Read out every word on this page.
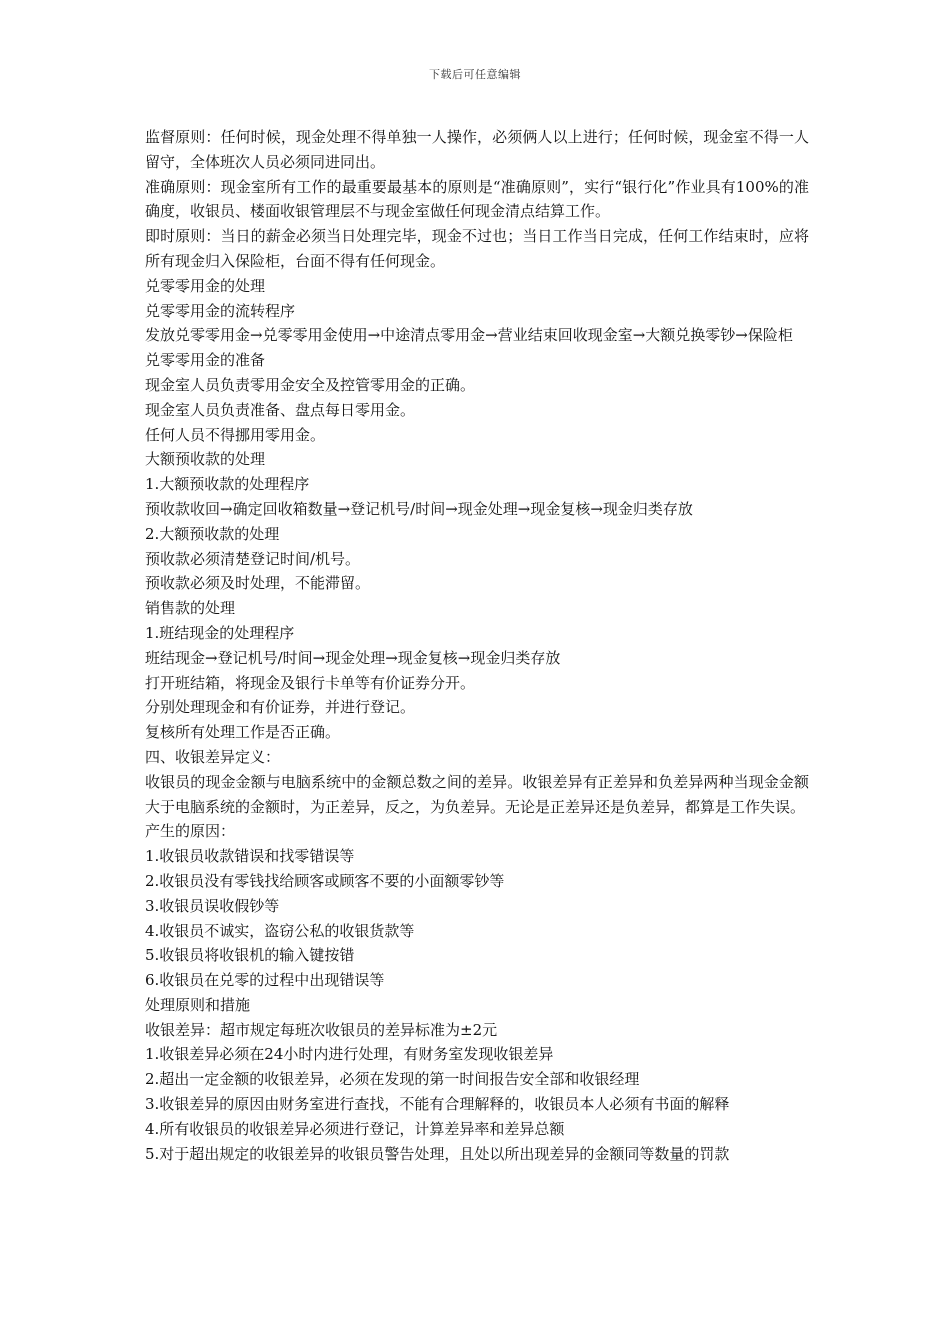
下载后可任意编辑

监督原则：任何时候，现金处理不得单独一人操作，必须俩人以上进行；任何时候，现金室不得一人留守，全体班次人员必须同进同出。

准确原则：现金室所有工作的最重要最基本的原则是“准确原则”，实行“银行化”作业具有100%的准确度，收银员、楼面收银管理层不与现金室做任何现金清点结算工作。

即时原则：当日的薪金必须当日处理完毕，现金不过也；当日工作当日完成，任何工作结束时，应将所有现金归入保险柜，台面不得有任何现金。

兑零零用金的处理

兑零零用金的流转程序

发放兑零零用金→兑零零用金使用→中途清点零用金→营业结束回收现金室→大额兑换零钞→保险柜

兑零零用金的准备

现金室人员负责零用金安全及控管零用金的正确。

现金室人员负责准备、盘点每日零用金。

任何人员不得挪用零用金。

大额预收款的处理

1.大额预收款的处理程序

预收款收回→确定回收箱数量→登记机号/时间→现金处理→现金复核→现金归类存放

2.大额预收款的处理

预收款必须清楚登记时间/机号。

预收款必须及时处理，不能滞留。

销售款的处理

1.班结现金的处理程序

班结现金→登记机号/时间→现金处理→现金复核→现金归类存放

打开班结箱，将现金及银行卡单等有价证券分开。

分别处理现金和有价证券，并进行登记。

复核所有处理工作是否正确。

四、收银差异定义：

收银员的现金金额与电脑系统中的金额总数之间的差异。收银差异有正差异和负差异两种当现金金额大于电脑系统的金额时，为正差异，反之，为负差异。无论是正差异还是负差异，都算是工作失误。

产生的原因：

1.收银员收款错误和找零错误等

2.收银员没有零钱找给顾客或顾客不要的小面额零钞等

3.收银员误收假钞等

4.收银员不诚实，盗窃公私的收银货款等

5.收银员将收银机的输入键按错

6.收银员在兑零的过程中出现错误等

处理原则和措施

收银差异：超市规定每班次收银员的差异标准为±2元

1.收银差异必须在24小时内进行处理，有财务室发现收银差异

2.超出一定金额的收银差异，必须在发现的第一时间报告安全部和收银经理

3.收银差异的原因由财务室进行查找，不能有合理解释的，收银员本人必须有书面的解释

4.所有收银员的收银差异必须进行登记，计算差异率和差异总额

5.对于超出规定的收银差异的收银员警告处理，且处以所出现差异的金额同等数量的罚款
